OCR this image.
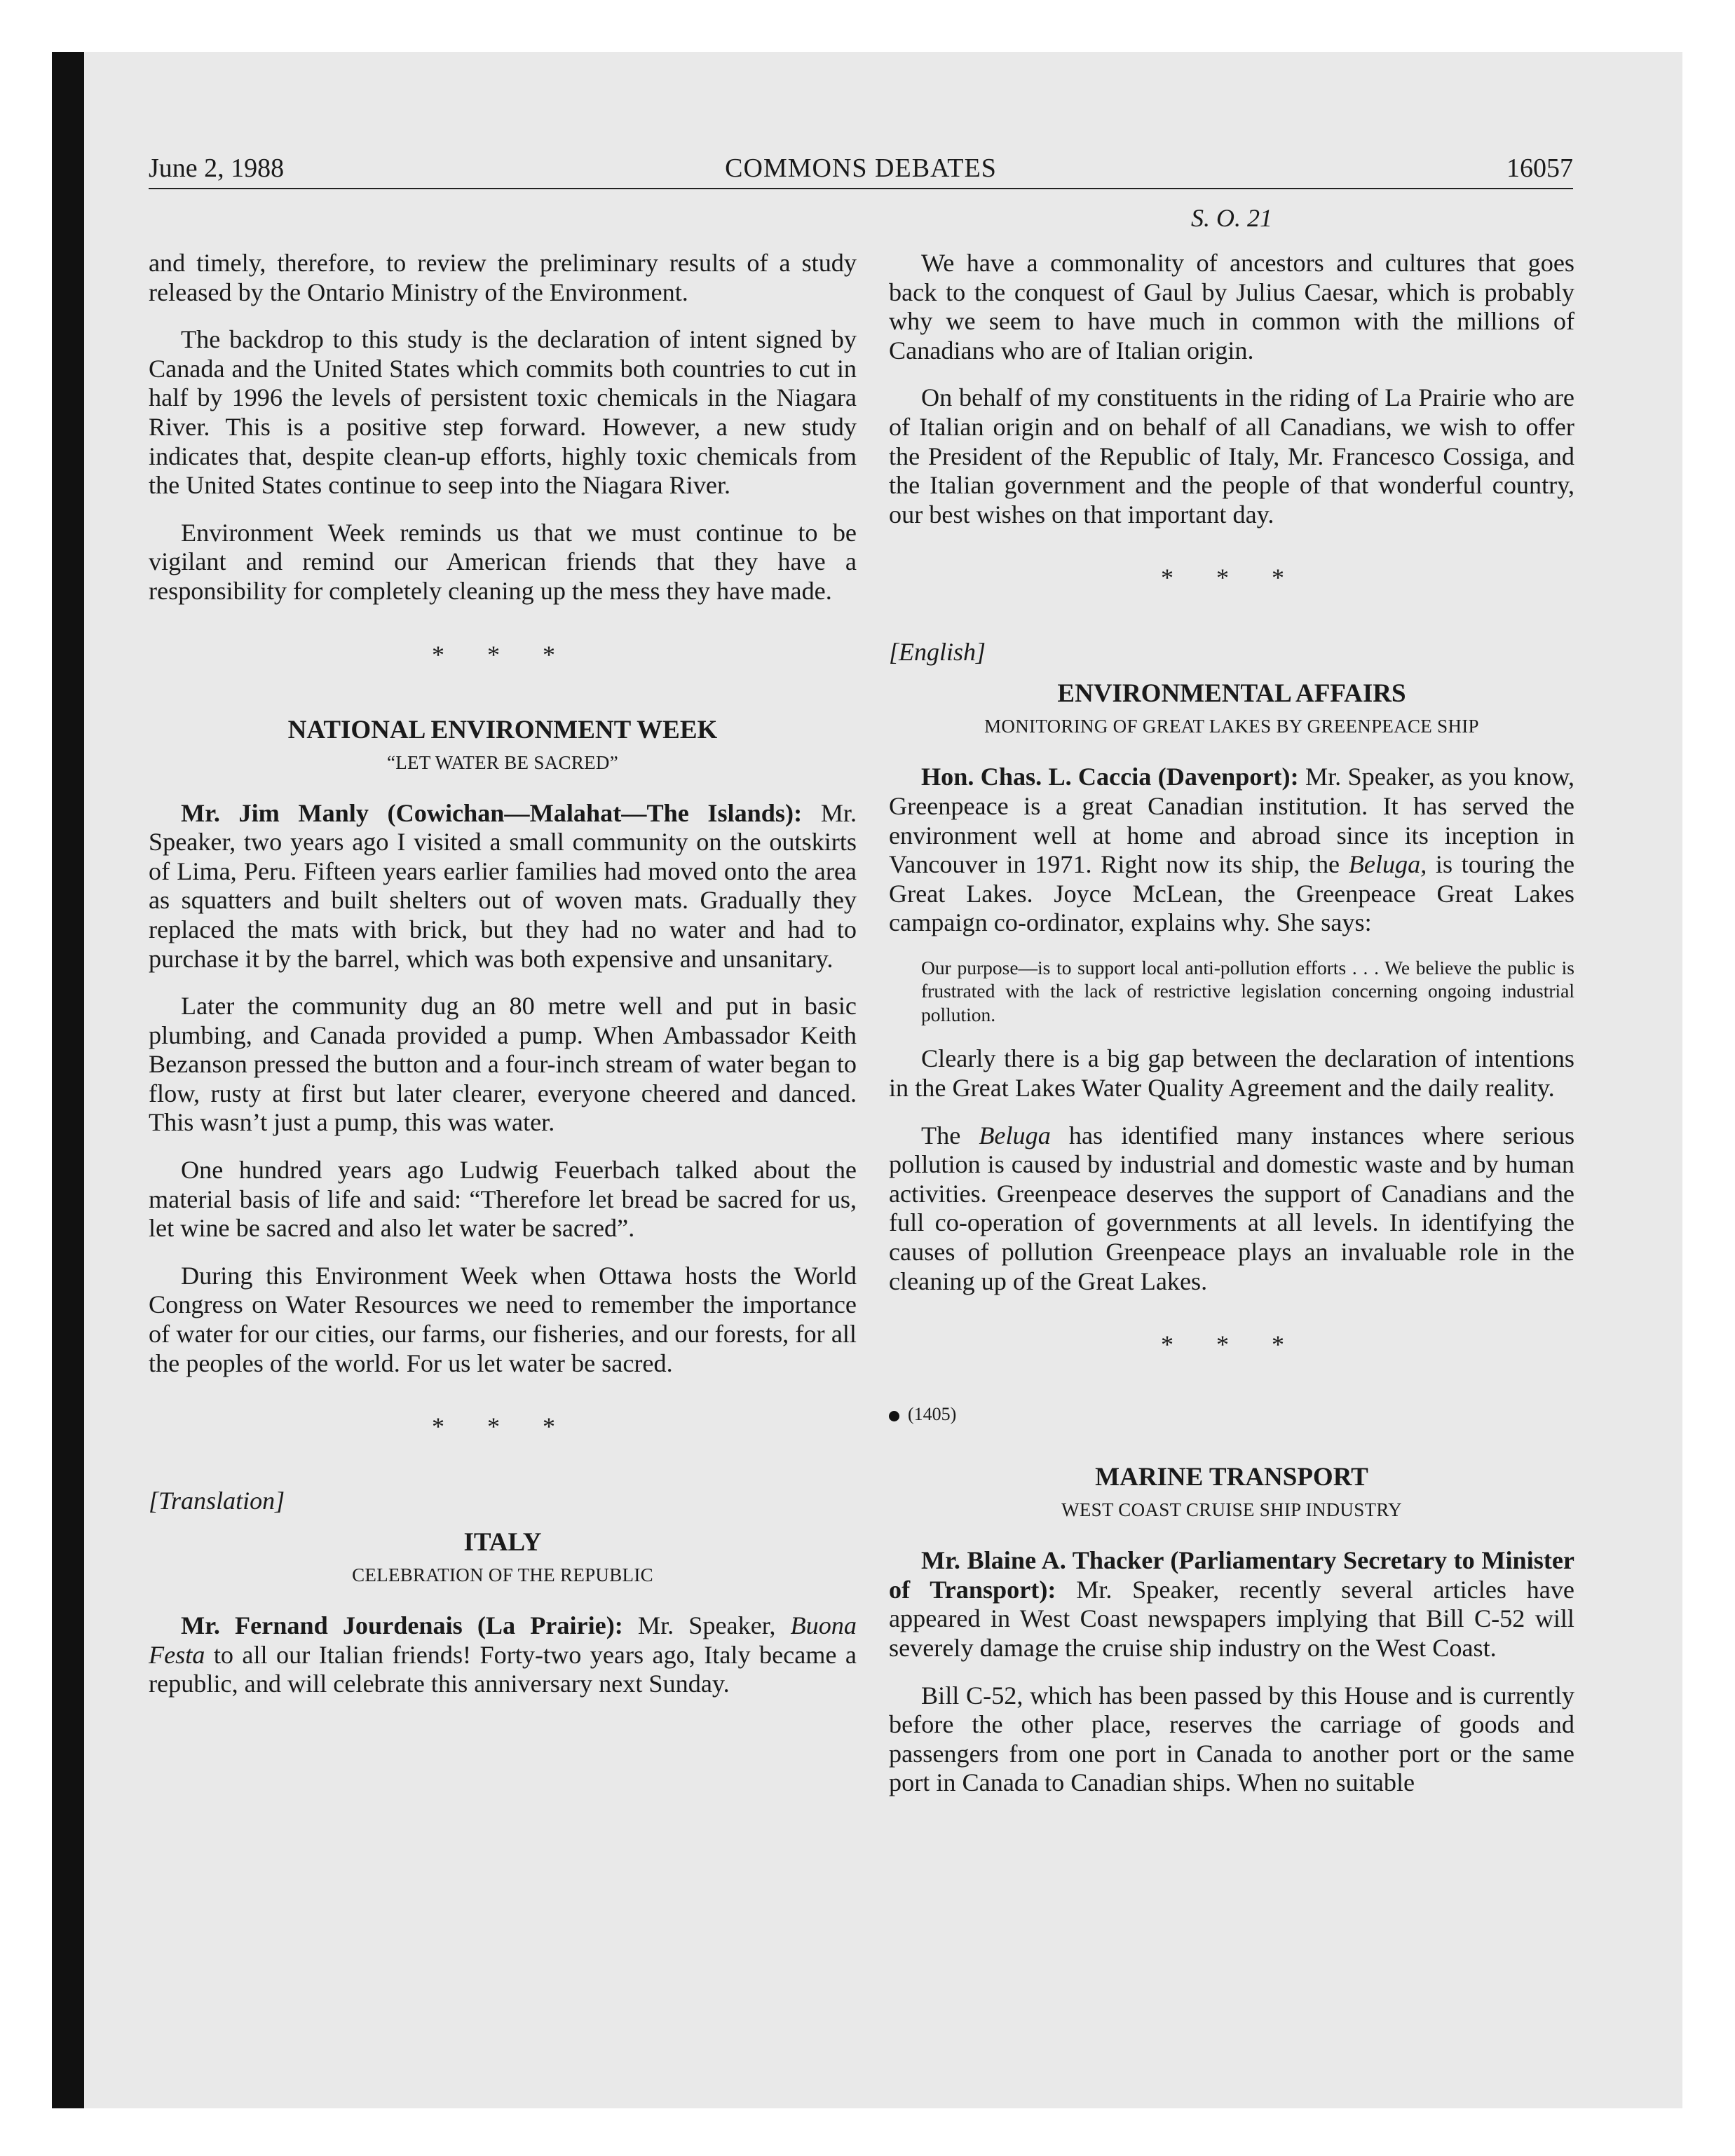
June 2, 1988	COMMONS DEBATES	16057
S. O. 21

and timely, therefore, to review the preliminary results of a study released by the Ontario Ministry of the Environment.

The backdrop to this study is the declaration of intent signed by Canada and the United States which commits both countries to cut in half by 1996 the levels of persistent toxic chemicals in the Niagara River. This is a positive step forward. However, a new study indicates that, despite clean-up efforts, highly toxic chemicals from the United States continue to seep into the Niagara River.

Environment Week reminds us that we must continue to be vigilant and remind our American friends that they have a responsibility for completely cleaning up the mess they have made.

* * *
NATIONAL ENVIRONMENT WEEK
“LET WATER BE SACRED”

Mr. Jim Manly (Cowichan—Malahat—The Islands): Mr. Speaker, two years ago I visited a small community on the outskirts of Lima, Peru. Fifteen years earlier families had moved onto the area as squatters and built shelters out of woven mats. Gradually they replaced the mats with brick, but they had no water and had to purchase it by the barrel, which was both expensive and unsanitary.

Later the community dug an 80 metre well and put in basic plumbing, and Canada provided a pump. When Ambassador Keith Bezanson pressed the button and a four-inch stream of water began to flow, rusty at first but later clearer, everyone cheered and danced. This wasn’t just a pump, this was water.

One hundred years ago Ludwig Feuerbach talked about the material basis of life and said: “Therefore let bread be sacred for us, let wine be sacred and also let water be sacred”.

During this Environment Week when Ottawa hosts the World Congress on Water Resources we need to remember the importance of water for our cities, our farms, our fisheries, and our forests, for all the peoples of the world. For us let water be sacred.

* * *
[Translation]
ITALY
CELEBRATION OF THE REPUBLIC

Mr. Fernand Jourdenais (La Prairie): Mr. Speaker, Buona Festa to all our Italian friends! Forty-two years ago, Italy became a republic, and will celebrate this anniversary next Sunday.

We have a commonality of ancestors and cultures that goes back to the conquest of Gaul by Julius Caesar, which is probably why we seem to have much in common with the millions of Canadians who are of Italian origin.

On behalf of my constituents in the riding of La Prairie who are of Italian origin and on behalf of all Canadians, we wish to offer the President of the Republic of Italy, Mr. Francesco Cossiga, and the Italian government and the people of that wonderful country, our best wishes on that important day.

* * *
[English]
ENVIRONMENTAL AFFAIRS
MONITORING OF GREAT LAKES BY GREENPEACE SHIP

Hon. Chas. L. Caccia (Davenport): Mr. Speaker, as you know, Greenpeace is a great Canadian institution. It has served the environment well at home and abroad since its inception in Vancouver in 1971. Right now its ship, the Beluga, is touring the Great Lakes. Joyce McLean, the Greenpeace Great Lakes campaign co-ordinator, explains why. She says:

Our purpose—is to support local anti-pollution efforts . . . We believe the public is frustrated with the lack of restrictive legislation concerning ongoing industrial pollution.

Clearly there is a big gap between the declaration of intentions in the Great Lakes Water Quality Agreement and the daily reality.

The Beluga has identified many instances where serious pollution is caused by industrial and domestic waste and by human activities. Greenpeace deserves the support of Canadians and the full co-operation of governments at all levels. In identifying the causes of pollution Greenpeace plays an invaluable role in the cleaning up of the Great Lakes.

* * *
(1405)
MARINE TRANSPORT
WEST COAST CRUISE SHIP INDUSTRY

Mr. Blaine A. Thacker (Parliamentary Secretary to Minister of Transport): Mr. Speaker, recently several articles have appeared in West Coast newspapers implying that Bill C-52 will severely damage the cruise ship industry on the West Coast.

Bill C-52, which has been passed by this House and is currently before the other place, reserves the carriage of goods and passengers from one port in Canada to another port or the same port in Canada to Canadian ships. When no suitable
